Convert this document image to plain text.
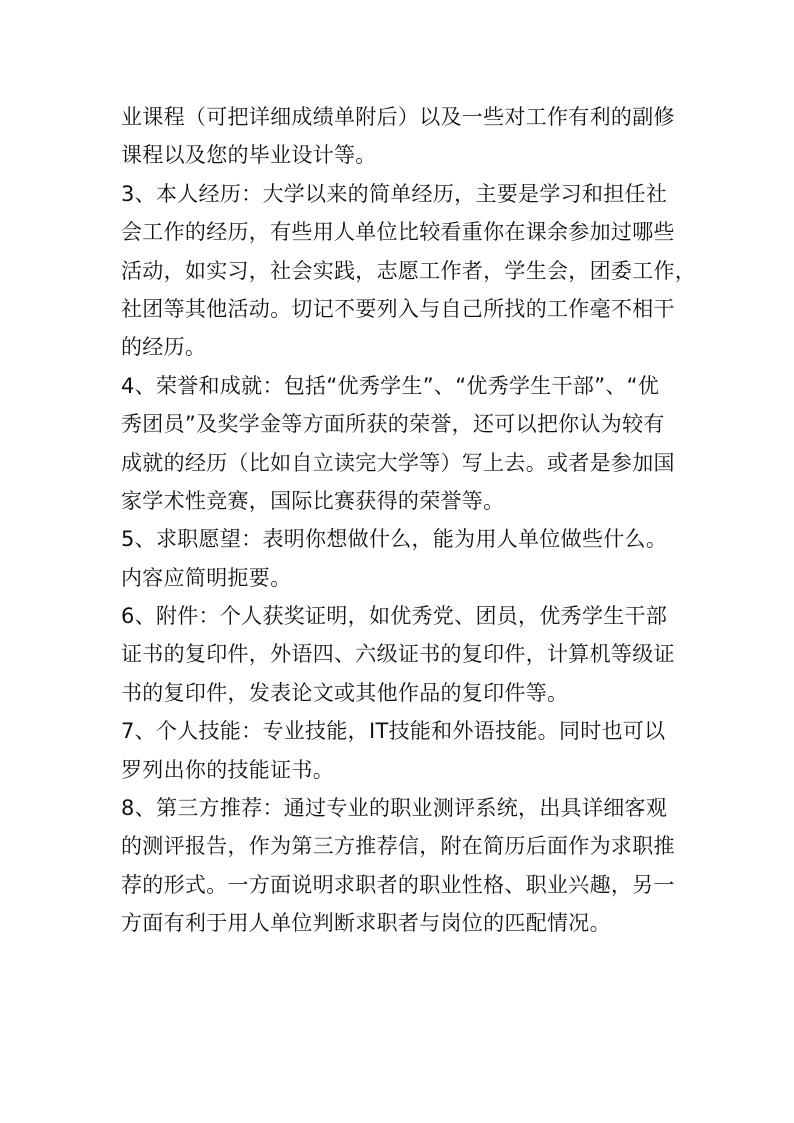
业课程（可把详细成绩单附后）以及一些对工作有利的副修
课程以及您的毕业设计等。
3、本人经历：大学以来的简单经历，主要是学习和担任社
会工作的经历，有些用人单位比较看重你在课余参加过哪些
活动，如实习，社会实践，志愿工作者，学生会，团委工作，
社团等其他活动。切记不要列入与自己所找的工作毫不相干
的经历。
4、荣誉和成就：包括“优秀学生”、“优秀学生干部”、“优
秀团员”及奖学金等方面所获的荣誉，还可以把你认为较有
成就的经历（比如自立读完大学等）写上去。或者是参加国
家学术性竞赛，国际比赛获得的荣誉等。
5、求职愿望：表明你想做什么，能为用人单位做些什么。
内容应简明扼要。
6、附件：个人获奖证明，如优秀党、团员，优秀学生干部
证书的复印件，外语四、六级证书的复印件，计算机等级证
书的复印件，发表论文或其他作品的复印件等。
7、个人技能：专业技能，IT技能和外语技能。同时也可以
罗列出你的技能证书。
8、第三方推荐：通过专业的职业测评系统，出具详细客观
的测评报告，作为第三方推荐信，附在简历后面作为求职推
荐的形式。一方面说明求职者的职业性格、职业兴趣，另一
方面有利于用人单位判断求职者与岗位的匹配情况。
